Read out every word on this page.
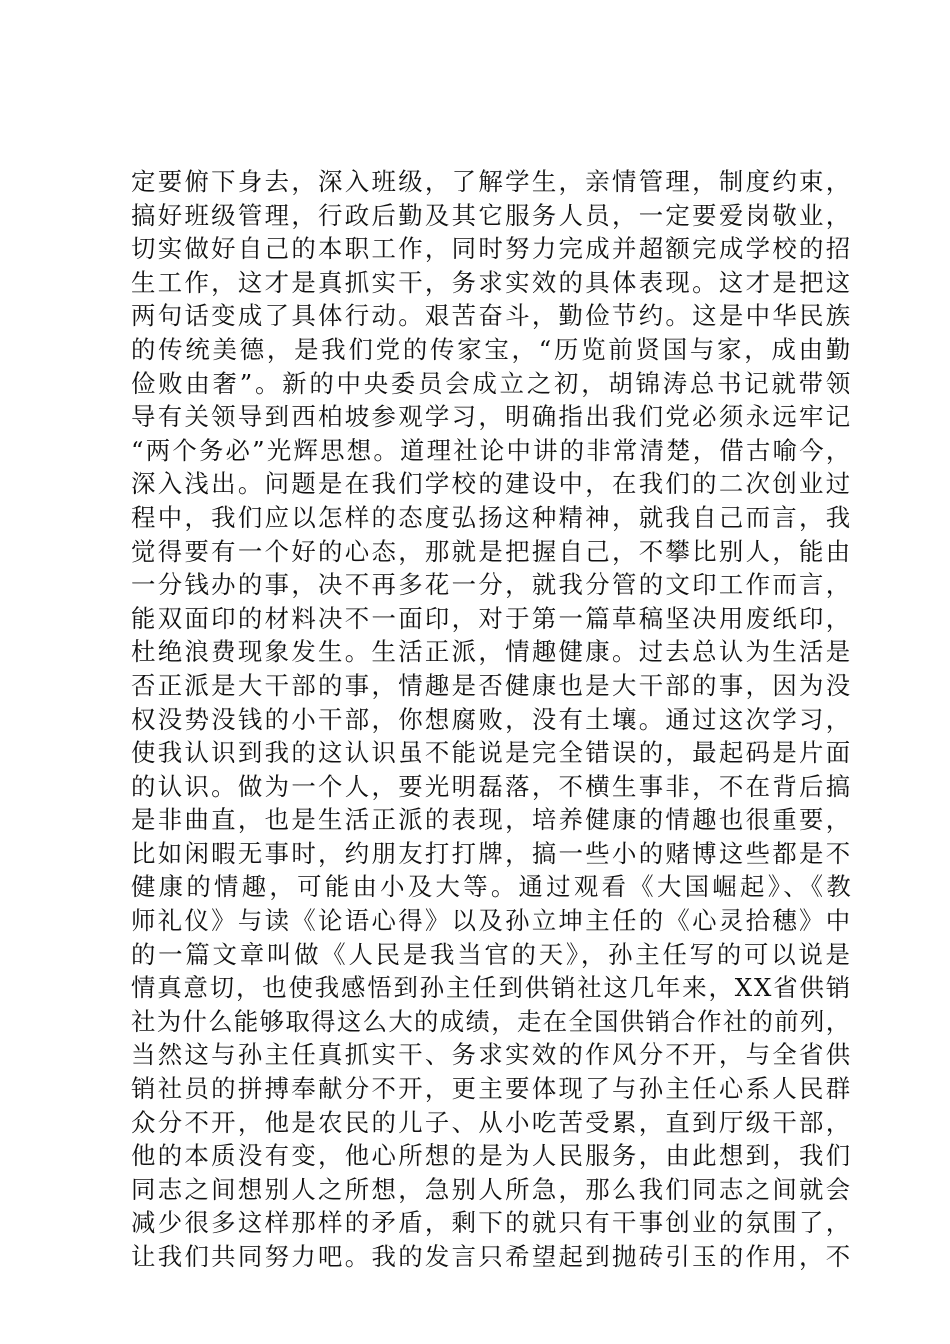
定要俯下身去，深入班级，了解学生，亲情管理，制度约束，
搞好班级管理，行政后勤及其它服务人员，一定要爱岗敬业，
切实做好自己的本职工作，同时努力完成并超额完成学校的招
生工作，这才是真抓实干，务求实效的具体表现。这才是把这
两句话变成了具体行动。艰苦奋斗，勤俭节约。这是中华民族
的传统美德，是我们党的传家宝，“历览前贤国与家，成由勤
俭败由奢”。新的中央委员会成立之初，胡锦涛总书记就带领
导有关领导到西柏坡参观学习，明确指出我们党必须永远牢记
“两个务必”光辉思想。道理社论中讲的非常清楚，借古喻今，
深入浅出。问题是在我们学校的建设中，在我们的二次创业过
程中，我们应以怎样的态度弘扬这种精神，就我自己而言，我
觉得要有一个好的心态，那就是把握自己，不攀比别人，能由
一分钱办的事，决不再多花一分，就我分管的文印工作而言，
能双面印的材料决不一面印，对于第一篇草稿坚决用废纸印，
杜绝浪费现象发生。生活正派，情趣健康。过去总认为生活是
否正派是大干部的事，情趣是否健康也是大干部的事，因为没
权没势没钱的小干部，你想腐败，没有土壤。通过这次学习，
使我认识到我的这认识虽不能说是完全错误的，最起码是片面
的认识。做为一个人，要光明磊落，不横生事非，不在背后搞
是非曲直，也是生活正派的表现，培养健康的情趣也很重要，
比如闲暇无事时，约朋友打打牌，搞一些小的赌博这些都是不
健康的情趣，可能由小及大等。通过观看《大国崛起》、《教
师礼仪》与读《论语心得》以及孙立坤主任的《心灵拾穗》中
的一篇文章叫做《人民是我当官的天》，孙主任写的可以说是
情真意切，也使我感悟到孙主任到供销社这几年来，XX省供销
社为什么能够取得这么大的成绩，走在全国供销合作社的前列，
当然这与孙主任真抓实干、务求实效的作风分不开，与全省供
销社员的拼搏奉献分不开，更主要体现了与孙主任心系人民群
众分不开，他是农民的儿子、从小吃苦受累，直到厅级干部，
他的本质没有变，他心所想的是为人民服务，由此想到，我们
同志之间想别人之所想，急别人所急，那么我们同志之间就会
减少很多这样那样的矛盾，剩下的就只有干事创业的氛围了，
让我们共同努力吧。我的发言只希望起到抛砖引玉的作用，不
